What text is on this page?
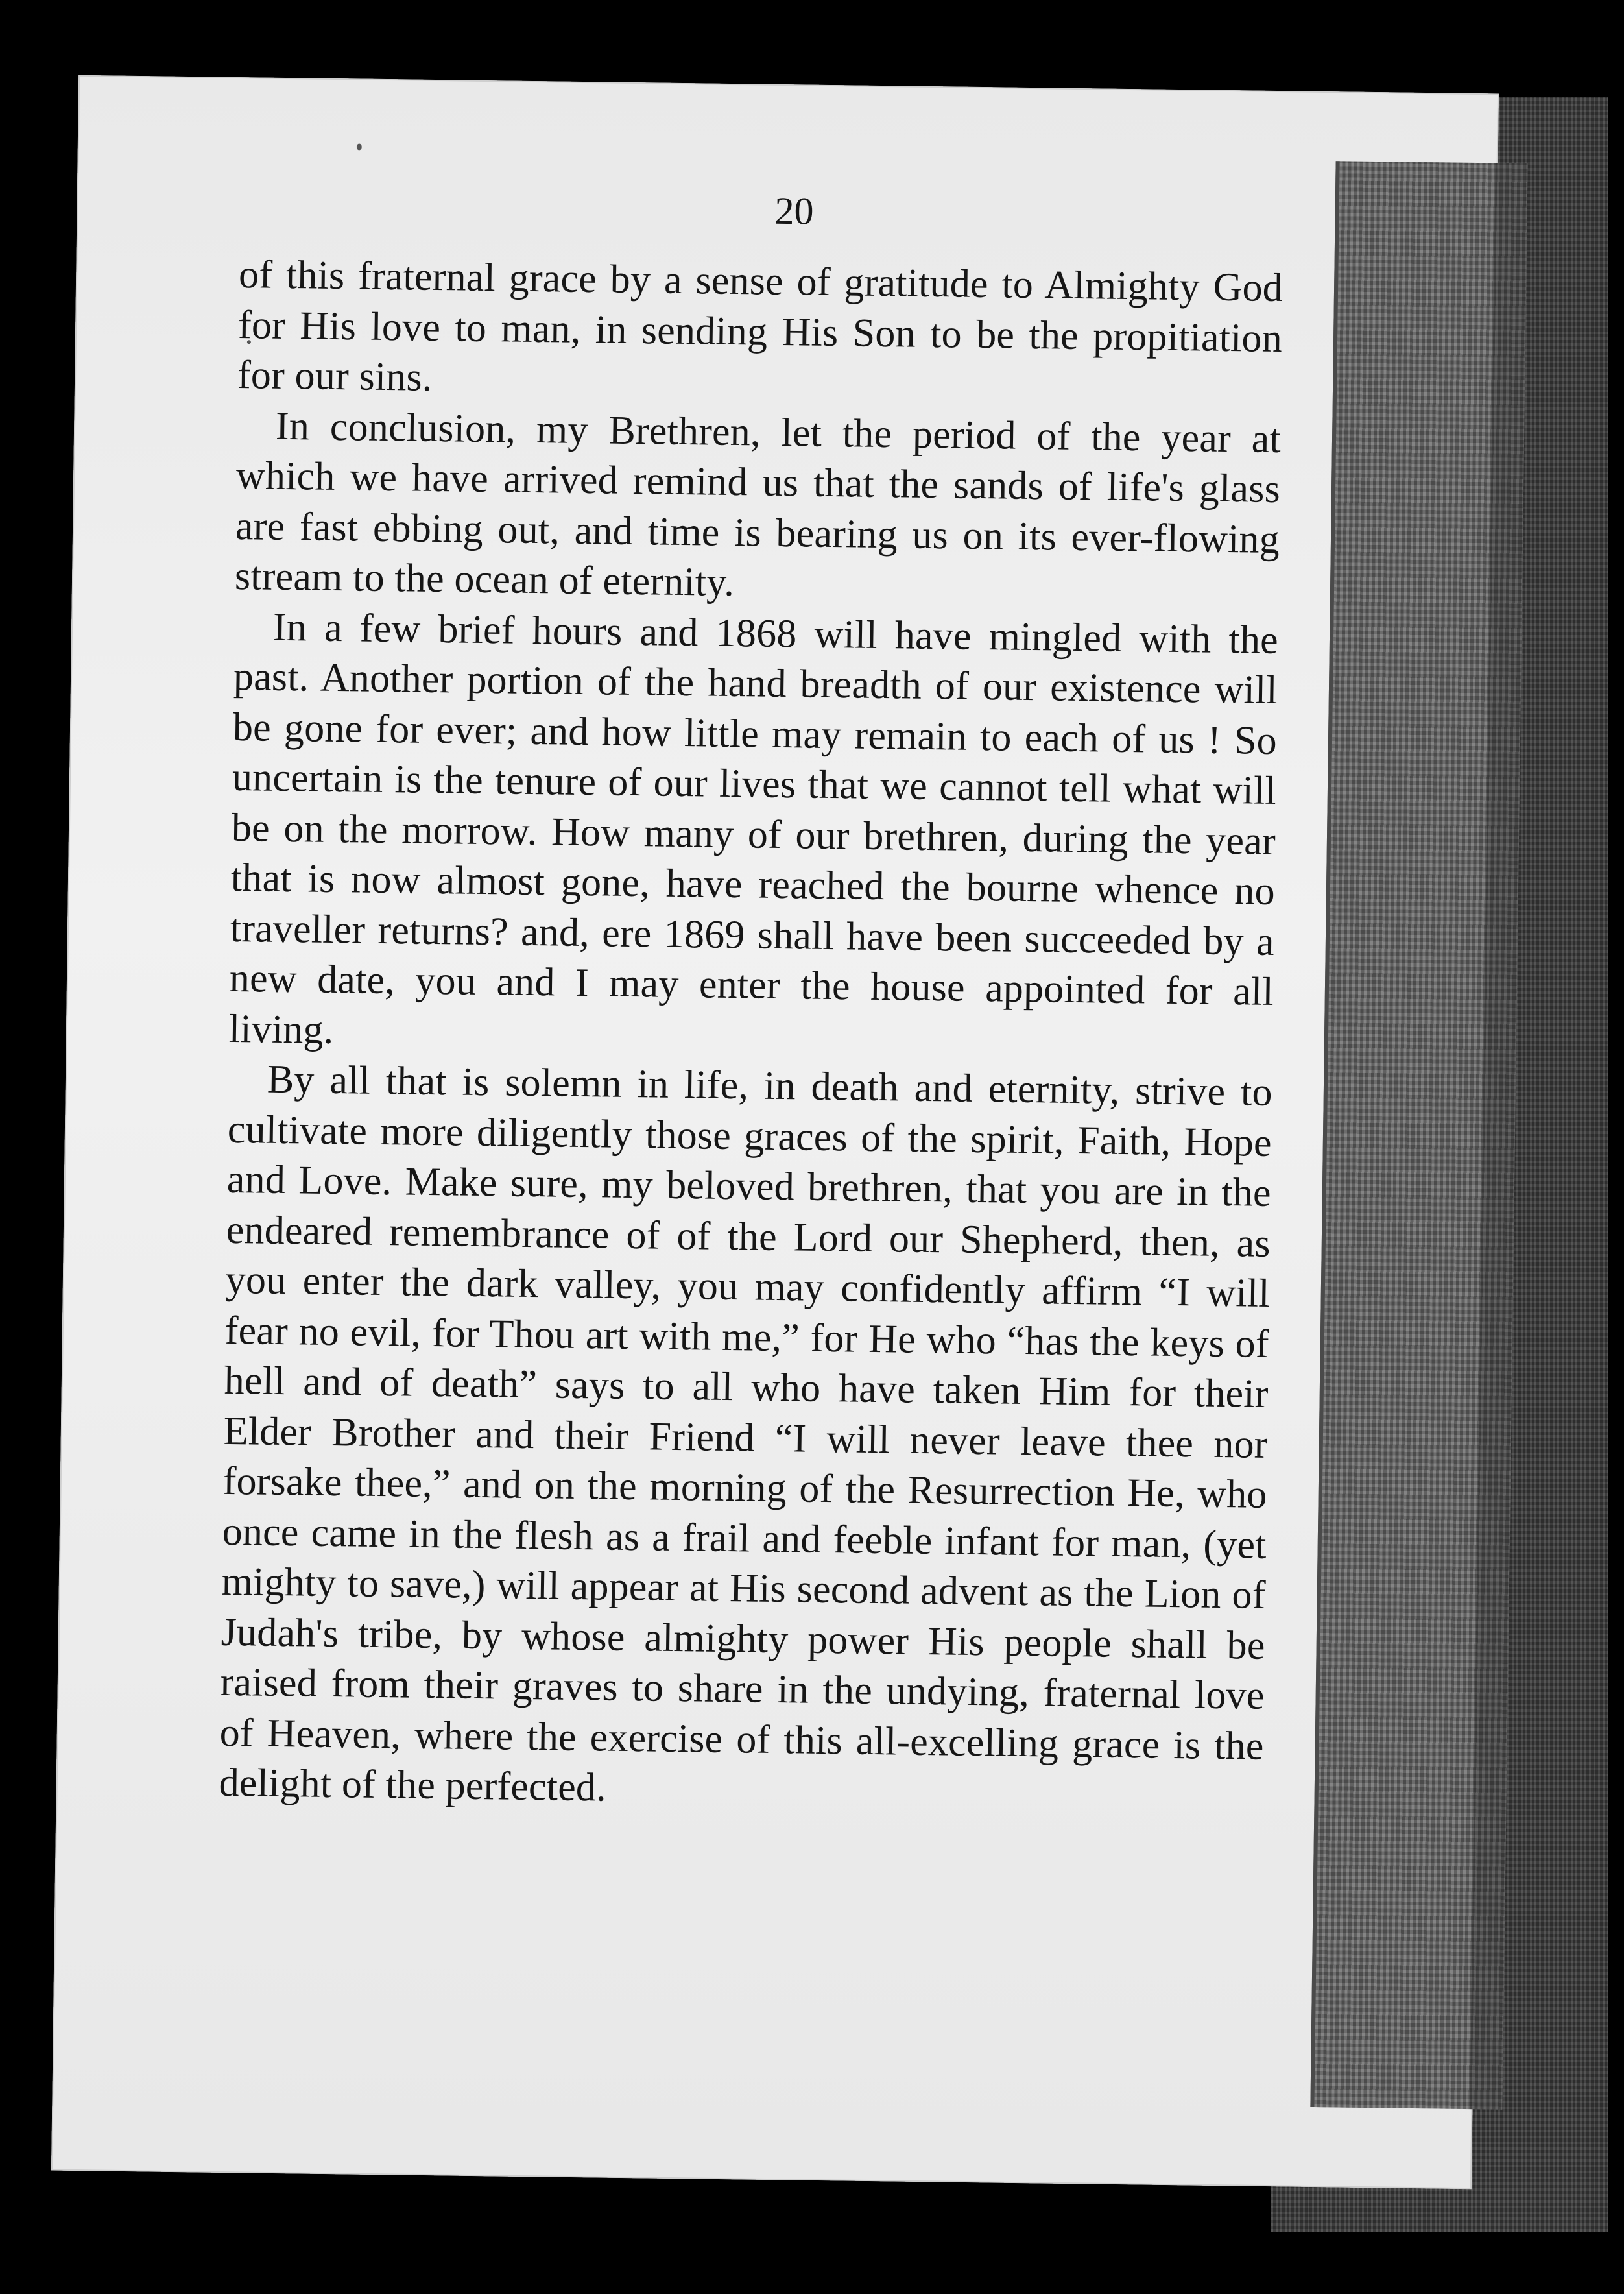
20

of this fraternal grace by a sense of gratitude to Almighty God for His love to man, in sending His Son to be the propitiation for our sins.

In conclusion, my Brethren, let the period of the year at which we have arrived remind us that the sands of life's glass are fast ebbing out, and time is bearing us on its ever-flowing stream to the ocean of eternity.

In a few brief hours and 1868 will have mingled with the past. Another portion of the hand breadth of our existence will be gone for ever; and how little may remain to each of us ! So uncertain is the tenure of our lives that we cannot tell what will be on the morrow. How many of our brethren, during the year that is now almost gone, have reached the bourne whence no traveller returns? and, ere 1869 shall have been succeeded by a new date, you and I may enter the house appointed for all living.

By all that is solemn in life, in death and eternity, strive to cultivate more diligently those graces of the spirit, Faith, Hope and Love. Make sure, my beloved brethren, that you are in the endeared remembrance of of the Lord our Shepherd, then, as you enter the dark valley, you may confidently affirm “I will fear no evil, for Thou art with me,” for He who “has the keys of hell and of death” says to all who have taken Him for their Elder Brother and their Friend “I will never leave thee nor forsake thee,” and on the morning of the Resurrection He, who once came in the flesh as a frail and feeble infant for man, (yet mighty to save,) will appear at His second advent as the Lion of Judah's tribe, by whose almighty power His people shall be raised from their graves to share in the undying, fraternal love of Heaven, where the exercise of this all-excelling grace is the delight of the perfected.
